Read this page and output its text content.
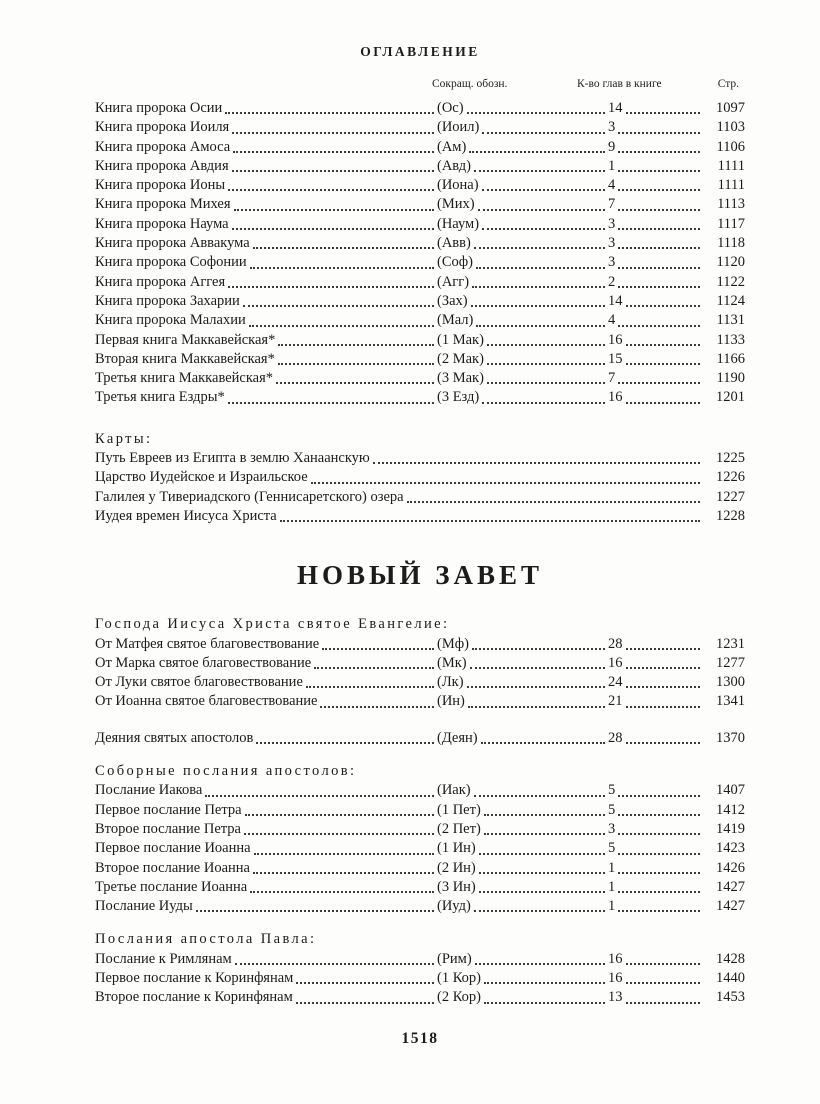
ОГЛАВЛЕНИЕ
Сокращ. обозн.	К-во глав в книге	Стр.
Книга пророка Осии	(Ос)	14	1097
Книга пророка Иоиля	(Иоил)	3	1103
Книга пророка Амоса	(Ам)	9	1106
Книга пророка Авдия	(Авд)	1	1111
Книга пророка Ионы	(Иона)	4	1111
Книга пророка Михея	(Мих)	7	1113
Книга пророка Наума	(Наум)	3	1117
Книга пророка Аввакума	(Авв)	3	1118
Книга пророка Софонии	(Соф)	3	1120
Книга пророка Аггея	(Агг)	2	1122
Книга пророка Захарии	(Зах)	14	1124
Книга пророка Малахии	(Мал)	4	1131
Первая книга Маккавейская*	(1 Мак)	16	1133
Вторая книга Маккавейская*	(2 Мак)	15	1166
Третья книга Маккавейская*	(3 Мак)	7	1190
Третья книга Ездры*	(3 Езд)	16	1201
Карты:
Путь Евреев из Египта в землю Ханаанскую	1225
Царство Иудейское и Израильское	1226
Галилея у Тивериадского (Геннисаретского) озера	1227
Иудея времен Иисуса Христа	1228
НОВЫЙ ЗАВЕТ
Господа Иисуса Христа святое Евангелие:
От Матфея святое благовествование	(Мф)	28	1231
От Марка святое благовествование	(Мк)	16	1277
От Луки святое благовествование	(Лк)	24	1300
От Иоанна святое благовествование	(Ин)	21	1341
Деяния святых апостолов	(Деян)	28	1370
Соборные послания апостолов:
Послание Иакова	(Иак)	5	1407
Первое послание Петра	(1 Пет)	5	1412
Второе послание Петра	(2 Пет)	3	1419
Первое послание Иоанна	(1 Ин)	5	1423
Второе послание Иоанна	(2 Ин)	1	1426
Третье послание Иоанна	(3 Ин)	1	1427
Послание Иуды	(Иуд)	1	1427
Послания апостола Павла:
Послание к Римлянам	(Рим)	16	1428
Первое послание к Коринфянам	(1 Кор)	16	1440
Второе послание к Коринфянам	(2 Кор)	13	1453
1518
